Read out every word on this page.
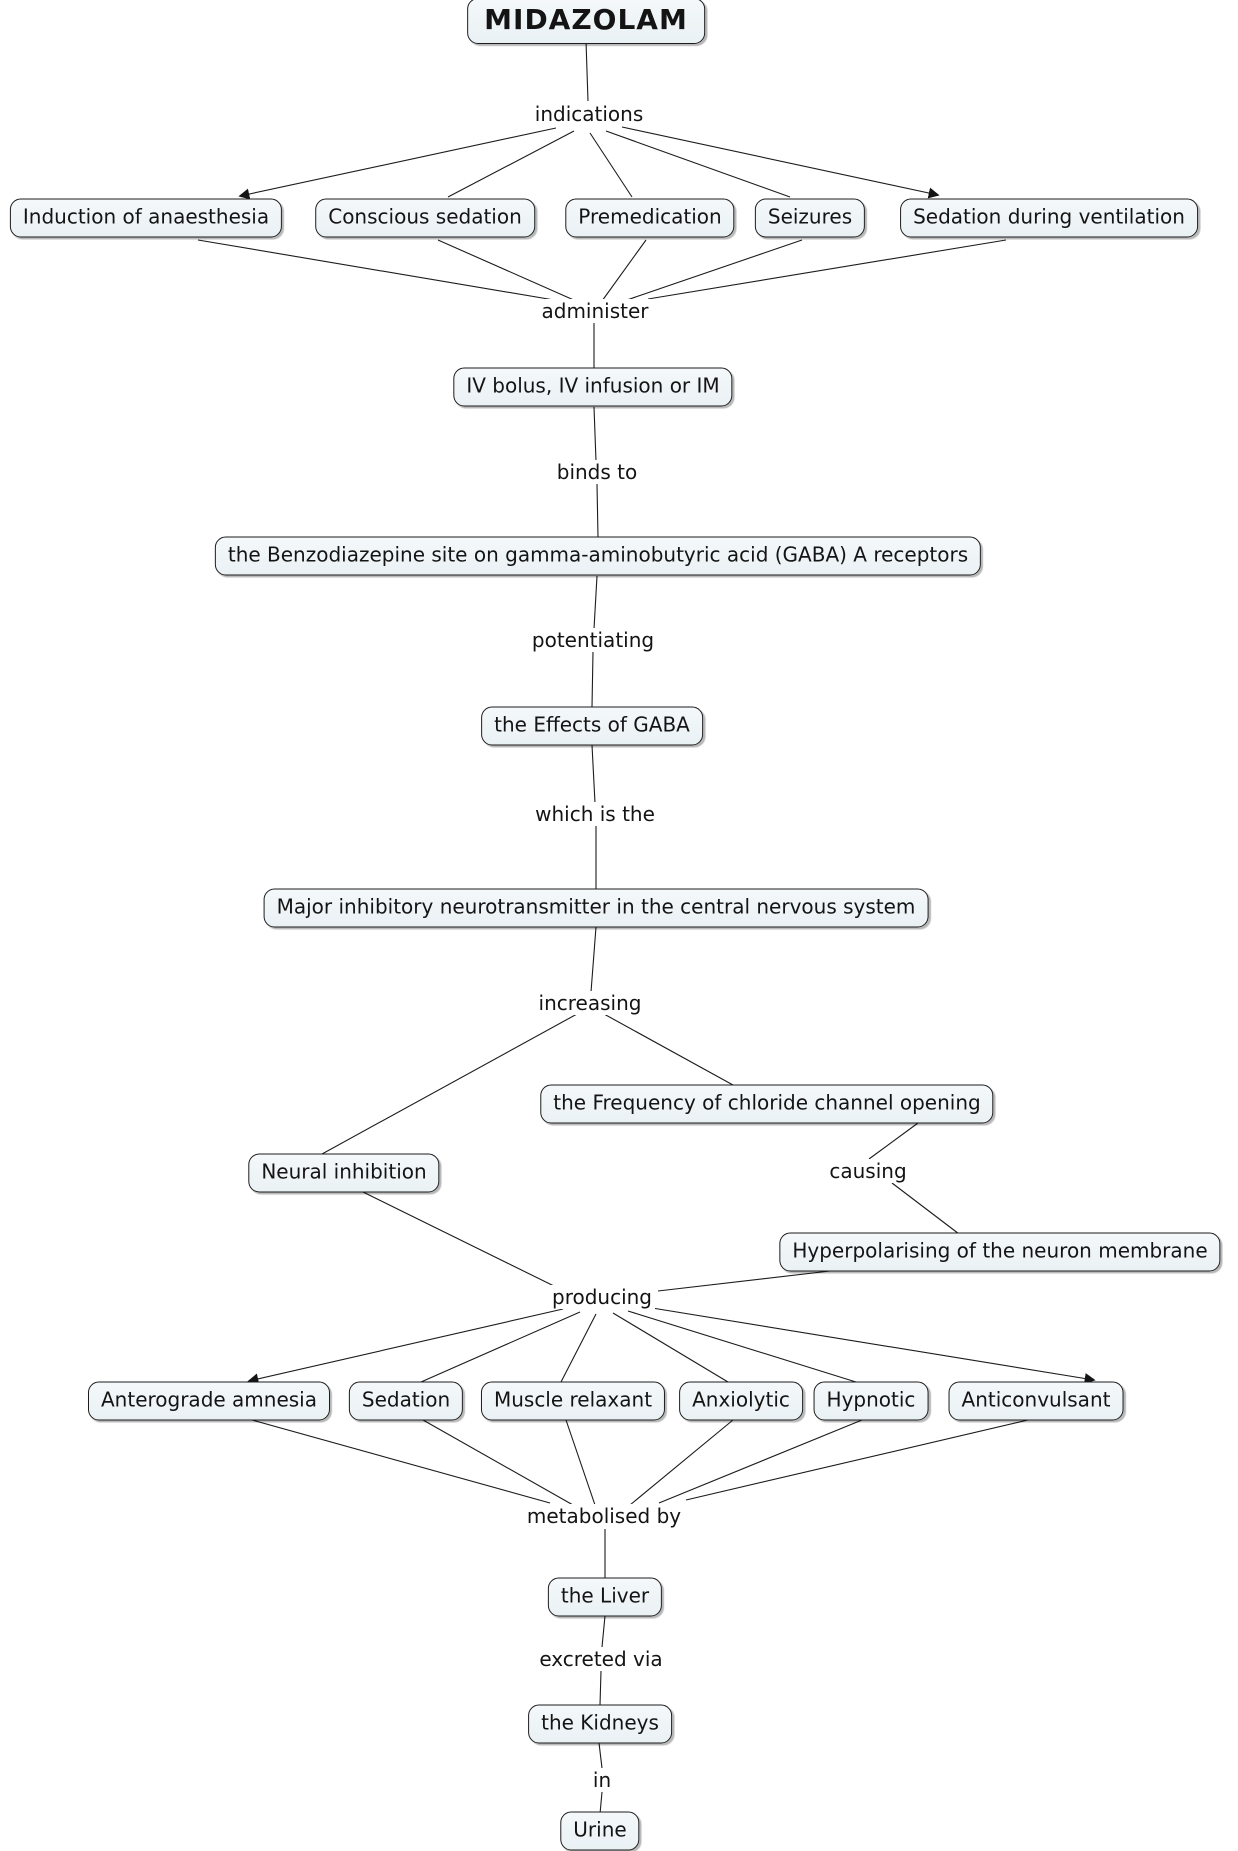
MIDAZOLAM
Induction of anaesthesia	Conscious sedation	Premedication	Seizures	Sedation during ventilation
IV bolus, IV infusion or IM
the Benzodiazepine site on gamma-aminobutyric acid (GABA) A receptors
the Effects of GABA
Major inhibitory neurotransmitter in the central nervous system
the Frequency of chloride channel opening
Neural inhibition
Hyperpolarising of the neuron membrane
Anterograde amnesia	Sedation	Muscle relaxant	Anxiolytic	Hypnotic	Anticonvulsant
the Liver
the Kidneys
Urine
indications
administer
binds to
potentiating
which is the
increasing
causing
producing
metabolised by
excreted via
in
